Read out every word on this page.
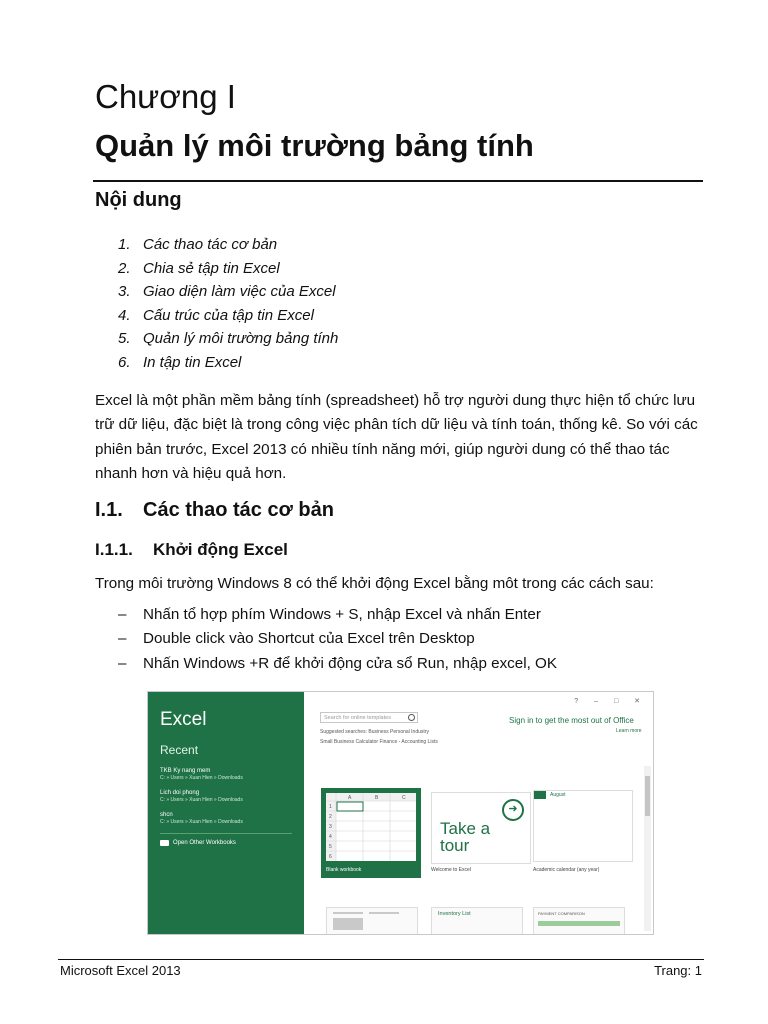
Chương I
Quản lý môi trường bảng tính
Nội dung
1. Các thao tác cơ bản
2. Chia sẻ tập tin Excel
3. Giao diện làm việc của Excel
4. Cấu trúc của tập tin Excel
5. Quản lý môi trường bảng tính
6. In tập tin Excel
Excel là một phần mềm bảng tính (spreadsheet) hỗ trợ người dung thực hiện tổ chức lưu trữ dữ liệu, đặc biệt là trong công việc phân tích dữ liệu và tính toán, thống kê. So với các phiên bản trước, Excel 2013 có nhiều tính năng mới, giúp người dung có thể thao tác nhanh hơn và hiệu quả hơn.
I.1. Các thao tác cơ bản
I.1.1. Khởi động Excel
Trong môi trường Windows 8 có thể khởi động Excel bằng môt trong các cách sau:
–	Nhấn tổ hợp phím Windows + S, nhập Excel và nhấn Enter
–	Double click vào Shortcut của Excel trên Desktop
–	Nhấn Windows +R để khởi động cửa sổ Run, nhập excel, OK
Excel
Recent
TKB Ky nang mem
C: » Users » Xuan Hien » Downloads
Lich doi phong
C: » Users » Xuan Hien » Downloads
shcn
C: » Users » Xuan Hien » Downloads
Open Other Workbooks
? – □ ✕
Search for online templates
Suggested searches: Business Personal Industry
Small Business Calculator Finance - Accounting Lists
Sign in to get the most out of Office
Learn more
A	B	C
1
2
3
4
5
6
Blank workbook
➜
Take a
tour
Welcome to Excel
August
Academic calendar (any year)
Inventory List	PAYMENT COMPARISON
Microsoft Excel 2013	Trang: 1
